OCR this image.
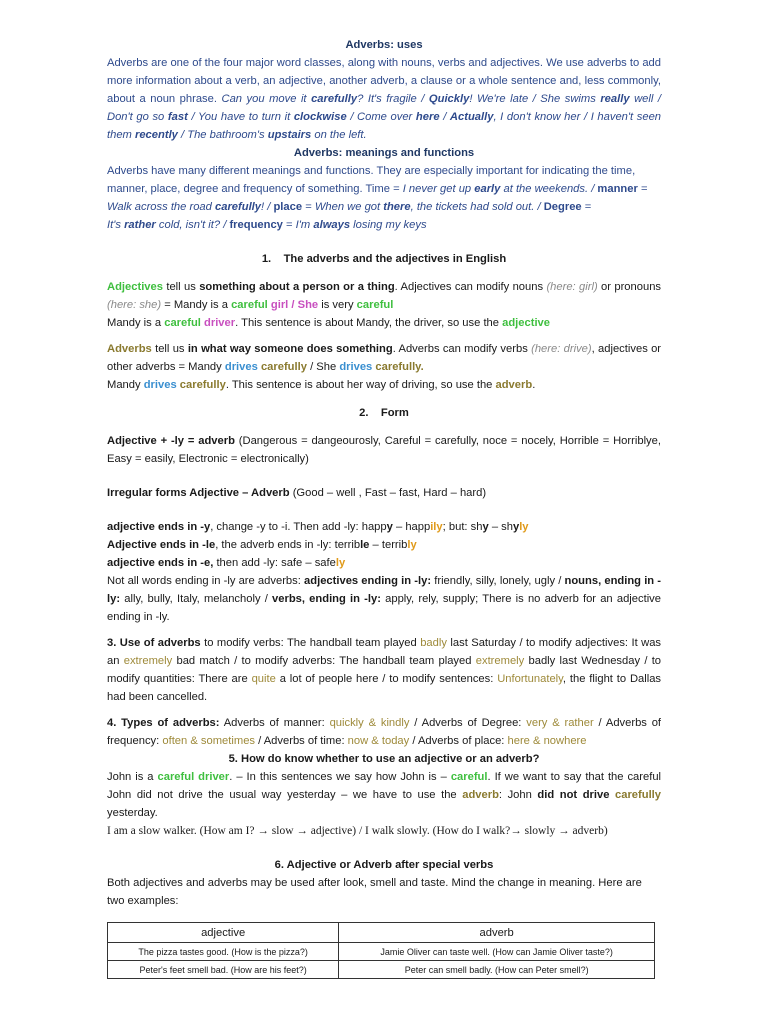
Adverbs: uses

Adverbs are one of the four major word classes, along with nouns, verbs and adjectives. We use adverbs to add more information about a verb, an adjective, another adverb, a clause or a whole sentence and, less commonly, about a noun phrase. Can you move it carefully? It's fragile / Quickly! We're late / She swims really well / Don't go so fast / You have to turn it clockwise / Come over here / Actually, I don't know her / I haven't seen them recently / The bathroom's upstairs on the left.

Adverbs: meanings and functions

Adverbs have many different meanings and functions. They are especially important for indicating the time, manner, place, degree and frequency of something. Time = I never get up early at the weekends. / manner =
Walk across the road carefully! / place = When we got there, the tickets had sold out. / Degree =
It's rather cold, isn't it? / frequency = I'm always losing my keys

1.    The adverbs and the adjectives in English

Adjectives tell us something about a person or a thing. Adjectives can modify nouns (here: girl) or pronouns (here: she) = Mandy is a careful girl / She is very careful
Mandy is a careful driver. This sentence is about Mandy, the driver, so use the adjective

Adverbs tell us in what way someone does something. Adverbs can modify verbs (here: drive), adjectives or other adverbs = Mandy drives carefully / She drives carefully.
Mandy drives carefully. This sentence is about her way of driving, so use the adverb.

2.    Form

Adjective + -ly = adverb (Dangerous = dangeourosly, Careful = carefully, noce = nocely, Horrible = Horriblye, Easy = easily, Electronic = electronically)

Irregular forms Adjective – Adverb (Good – well , Fast – fast, Hard – hard)

adjective ends in -y, change -y to -i. Then add -ly: happy – happily; but: shy – shyly

Adjective ends in -le, the adverb ends in -ly: terrible – terribly

adjective ends in -e, then add -ly: safe – safely

Not all words ending in -ly are adverbs: adjectives ending in -ly: friendly, silly, lonely, ugly / nouns, ending in -ly: ally, bully, Italy, melancholy / verbs, ending in -ly: apply, rely, supply; There is no adverb for an adjective ending in -ly.

3. Use of adverbs to modify verbs: The handball team played badly last Saturday / to modify adjectives: It was an extremely bad match / to modify adverbs: The handball team played extremely badly last Wednesday / to modify quantities: There are quite a lot of people here / to modify sentences: Unfortunately, the flight to Dallas had been cancelled.

4. Types of adverbs: Adverbs of manner: quickly & kindly / Adverbs of Degree: very & rather / Adverbs of frequency: often & sometimes / Adverbs of time: now & today / Adverbs of place: here & nowhere

5. How do know whether to use an adjective or an adverb?

John is a careful driver. – In this sentences we say how John is – careful. If we want to say that the careful John did not drive the usual way yesterday – we have to use the adverb: John did not drive carefully yesterday.

I am a slow walker. (How am I? → slow → adjective) / I walk slowly. (How do I walk?→ slowly → adverb)

6. Adjective or Adverb after special verbs

Both adjectives and adverbs may be used after look, smell and taste. Mind the change in meaning. Here are two examples:

adjective	adverb
The pizza tastes good. (How is the pizza?)	Jamie Oliver can taste well. (How can Jamie Oliver taste?)
Peter's feet smell bad. (How are his feet?)	Peter can smell badly. (How can Peter smell?)
